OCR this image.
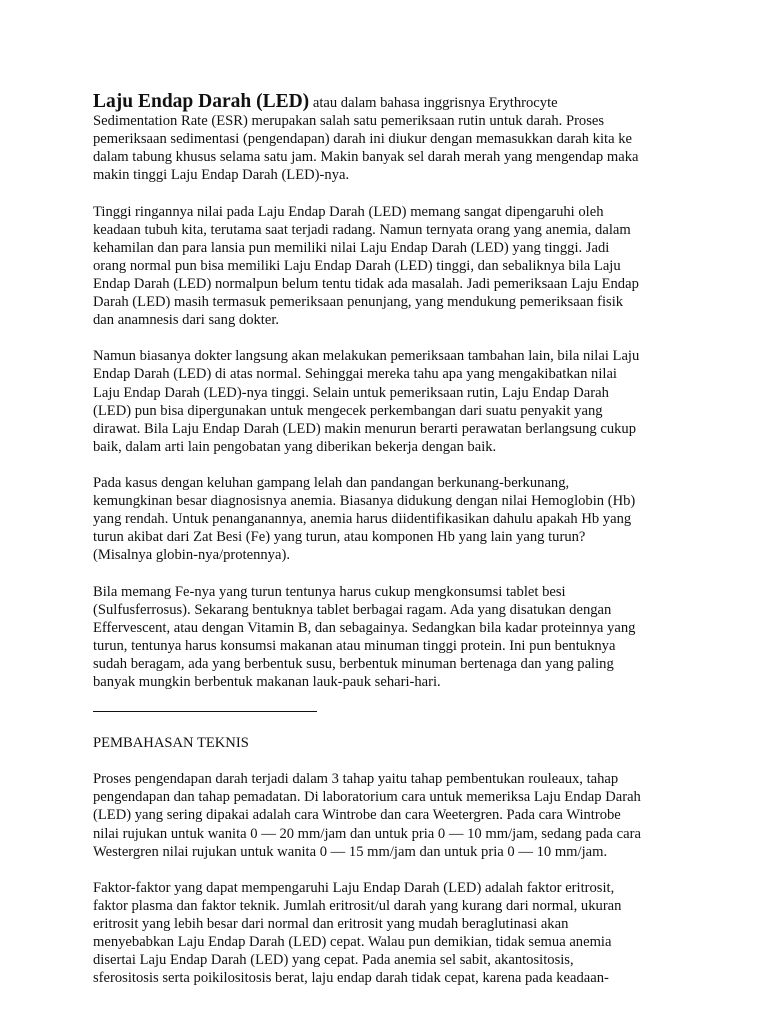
Laju Endap Darah (LED) atau dalam bahasa inggrisnya Erythrocyte
Sedimentation Rate (ESR) merupakan salah satu pemeriksaan rutin untuk darah. Proses
pemeriksaan sedimentasi (pengendapan) darah ini diukur dengan memasukkan darah kita ke
dalam tabung khusus selama satu jam. Makin banyak sel darah merah yang mengendap maka
makin tinggi Laju Endap Darah (LED)-nya.

Tinggi ringannya nilai pada Laju Endap Darah (LED) memang sangat dipengaruhi oleh
keadaan tubuh kita, terutama saat terjadi radang. Namun ternyata orang yang anemia, dalam
kehamilan dan para lansia pun memiliki nilai Laju Endap Darah (LED) yang tinggi. Jadi
orang normal pun bisa memiliki Laju Endap Darah (LED) tinggi, dan sebaliknya bila Laju
Endap Darah (LED) normalpun belum tentu tidak ada masalah. Jadi pemeriksaan Laju Endap
Darah (LED) masih termasuk pemeriksaan penunjang, yang mendukung pemeriksaan fisik
dan anamnesis dari sang dokter.

Namun biasanya dokter langsung akan melakukan pemeriksaan tambahan lain, bila nilai Laju
Endap Darah (LED) di atas normal. Sehinggai mereka tahu apa yang mengakibatkan nilai
Laju Endap Darah (LED)-nya tinggi. Selain untuk pemeriksaan rutin, Laju Endap Darah
(LED) pun bisa dipergunakan untuk mengecek perkembangan dari suatu penyakit yang
dirawat. Bila Laju Endap Darah (LED) makin menurun berarti perawatan berlangsung cukup
baik, dalam arti lain pengobatan yang diberikan bekerja dengan baik.

Pada kasus dengan keluhan gampang lelah dan pandangan berkunang-berkunang,
kemungkinan besar diagnosisnya anemia. Biasanya didukung dengan nilai Hemoglobin (Hb)
yang rendah. Untuk penanganannya, anemia harus diidentifikasikan dahulu apakah Hb yang
turun akibat dari Zat Besi (Fe) yang turun, atau komponen Hb yang lain yang turun?
(Misalnya globin-nya/protennya).

Bila memang Fe-nya yang turun tentunya harus cukup mengkonsumsi tablet besi
(Sulfusferrosus). Sekarang bentuknya tablet berbagai ragam. Ada yang disatukan dengan
Effervescent, atau dengan Vitamin B, dan sebagainya. Sedangkan bila kadar proteinnya yang
turun, tentunya harus konsumsi makanan atau minuman tinggi protein. Ini pun bentuknya
sudah beragam, ada yang berbentuk susu, berbentuk minuman bertenaga dan yang paling
banyak mungkin berbentuk makanan lauk-pauk sehari-hari.

PEMBAHASAN TEKNIS

Proses pengendapan darah terjadi dalam 3 tahap yaitu tahap pembentukan rouleaux, tahap
pengendapan dan tahap pemadatan. Di laboratorium cara untuk memeriksa Laju Endap Darah
(LED) yang sering dipakai adalah cara Wintrobe dan cara Weetergren. Pada cara Wintrobe
nilai rujukan untuk wanita 0 — 20 mm/jam dan untuk pria 0 — 10 mm/jam, sedang pada cara
Westergren nilai rujukan untuk wanita 0 — 15 mm/jam dan untuk pria 0 — 10 mm/jam.

Faktor-faktor yang dapat mempengaruhi Laju Endap Darah (LED) adalah faktor eritrosit,
faktor plasma dan faktor teknik. Jumlah eritrosit/ul darah yang kurang dari normal, ukuran
eritrosit yang lebih besar dari normal dan eritrosit yang mudah beraglutinasi akan
menyebabkan Laju Endap Darah (LED) cepat. Walau pun demikian, tidak semua anemia
disertai Laju Endap Darah (LED) yang cepat. Pada anemia sel sabit, akantositosis,
sferositosis serta poikilositosis berat, laju endap darah tidak cepat, karena pada keadaan-
